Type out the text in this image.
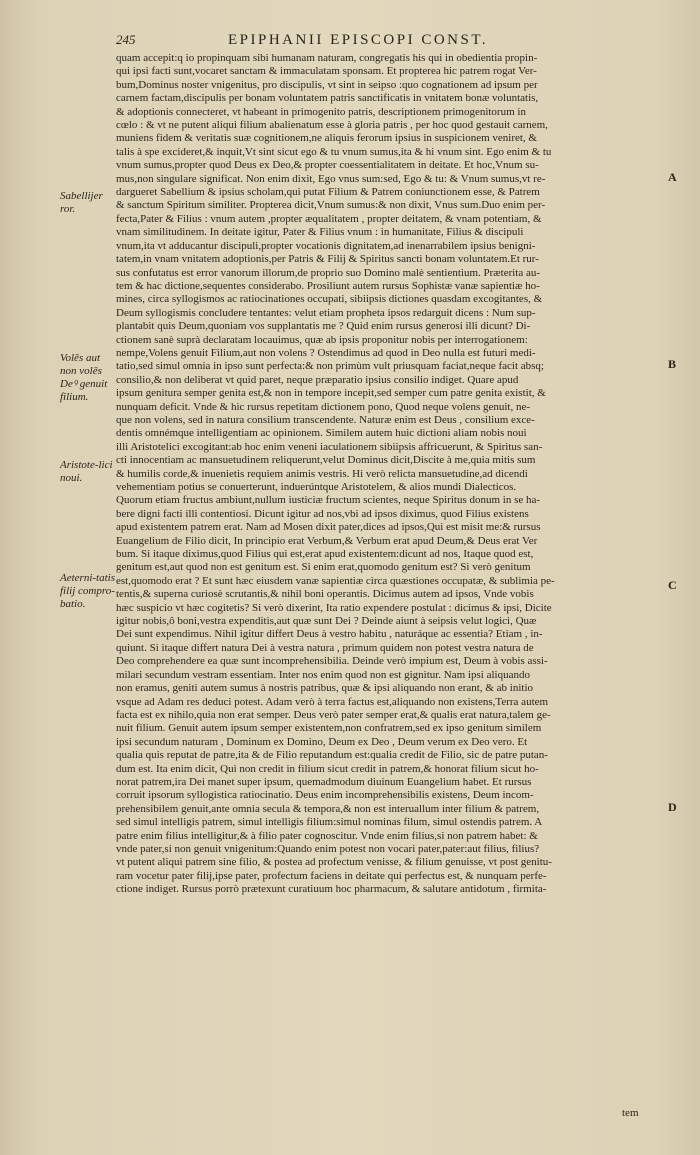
245	EPIPHANII EPISCOPI CONST.
Sabellijer ror.
Volēs aut non volēs Deꝰ genuit filium.
Aristote-lici noui.
Aeterni-tatis filij compro-batio.

quam accepit:q io propinquam sibi humanam naturam, congregatis his qui in obedientia propin-

qui ipsi facti sunt,vocaret sanctam & immaculatam sponsam. Et propterea hic patrem rogat Ver-

bum,Dominus noster vnigenitus, pro discipulis, vt sint in seipso :quo cognationem ad ipsum per

carnem factam,discipulis per bonam voluntatem patris sanctificatis in vnitatem bonæ voluntatis,

& adoptionis connecteret, vt habeant in primogenito patris, descriptionem primogenitorum in

cœlo : & vt ne putent aliqui filium abalienatum esse à gloria patris , per hoc quod gestauit carnem,

muniens fidem & veritatis suæ cognitionem,ne aliquis ferorum ipsius in suspicionem veniret, &

talis à spe excideret,& inquit,Vt sint sicut ego & tu vnum sumus,ita & hi vnum sint. Ego enim & tu

vnum sumus,propter quod Deus ex Deo,& propter coessentialitatem in deitate. Et hoc,Vnum su-

mus,non singulare significat. Non enim dixit, Ego vnus sum:sed, Ego & tu: & Vnum sumus,vt re-

dargueret Sabellium & ipsius scholam,qui putat Filium & Patrem coniunctionem esse, & Patrem

& sanctum Spiritum similiter. Propterea dicit,Vnum sumus:& non dixit, Vnus sum.Duo enim per-

fecta,Pater & Filius : vnum autem ,propter æqualitatem , propter deitatem, & vnam potentiam, &

vnam similitudinem. In deitate igitur, Pater & Filius vnum : in humanitate, Filius & discipuli

vnum,ita vt adducantur discipuli,propter vocationis dignitatem,ad inenarrabilem ipsius benigni-

tatem,in vnam vnitatem adoptionis,per Patris & Filij & Spiritus sancti bonam voluntatem.Et rur-

sus confutatus est error vanorum illorum,de proprio suo Domino malè sentientium. Præterita au-

tem & hac dictione,sequentes considerabo. Prosiliunt autem rursus Sophistæ vanæ sapientiæ ho-

mines, circa syllogismos ac ratiocinationes occupati, sibiipsis dictiones quasdam excogitantes, &

Deum syllogismis concludere tentantes: velut etiam propheta ipsos redarguit dicens : Num sup-

plantabit quis Deum,quoniam vos supplantatis me ? Quid enim rursus generosi illi dicunt? Di-

ctionem sanè suprà declaratam locauimus, quæ ab ipsis proponitur nobis per interrogationem:

nempe,Volens genuit Filium,aut non volens ? Ostendimus ad quod in Deo nulla est futuri medi-

tatio,sed simul omnia in ipso sunt perfecta:& non primùm vult priusquam faciat,neque facit absq;

consilio,& non deliberat vt quid paret, neque præparatio ipsius consilio indiget. Quare apud

ipsum genitura semper genita est,& non in tempore incepit,sed semper cum patre genita existit, &

nunquam deficit. Vnde & hic rursus repetitam dictionem pono, Quod neque volens genuit, ne-

que non volens, sed in natura consilium transcendente. Naturæ enim est Deus , consilium exce-

dentis omnémque intelligentiam ac opinionem. Similem autem huic dictioni aliam nobis noui

illi Aristotelici excogitant:ab hoc enim veneni iaculationem sibiipsis affricuerunt, & Spiritus san-

cti innocentiam ac mansuetudinem reliquerunt,velut Dominus dicit,Discite à me,quia mitis sum

& humilis corde,& inuenietis requiem animis vestris. Hi verò relicta mansuetudine,ad dicendi

vehementiam potius se conuerterunt, induerúntque Aristotelem, & alios mundi Dialecticos.

Quorum etiam fructus ambiunt,nullum iusticiæ fructum scientes, neque Spiritus donum in se ha-

bere digni facti illi contentiosi. Dicunt igitur ad nos,vbi ad ipsos diximus, quod Filius existens

apud existentem patrem erat. Nam ad Mosen dixit pater,dices ad ipsos,Qui est misit me:& rursus

Euangelium de Filio dicit, In principio erat Verbum,& Verbum erat apud Deum,& Deus erat Ver

bum. Si itaque diximus,quod Filius qui est,erat apud existentem:dicunt ad nos, Itaque quod est,

genitum est,aut quod non est genitum est. Si enim erat,quomodo genitum est? Si verò genitum

est,quomodo erat ? Et sunt hæc eiusdem vanæ sapientiæ circa quæstiones occupatæ, & sublimia pe-

tentis,& superna curiosè scrutantis,& nihil boni operantis. Dicimus autem ad ipsos, Vnde vobis

hæc suspicio vt hæc cogitetis? Si verò dixerint, Ita ratio expendere postulat : dicimus & ipsi, Dicite

igitur nobis,ô boni,vestra expenditis,aut quæ sunt Dei ? Deinde aiunt à seipsis velut logici, Quæ

Dei sunt expendimus. Nihil igitur differt Deus à vestro habitu , naturáque ac essentia? Etiam , in-

quiunt. Si itaque differt natura Dei à vestra natura , primum quidem non potest vestra natura de

Deo comprehendere ea quæ sunt incomprehensibilia. Deinde verò impium est, Deum à vobis assi-

milari secundum vestram essentiam. Inter nos enim quod non est gignitur. Nam ipsi aliquando

non eramus, geniti autem sumus à nostris patribus, quæ & ipsi aliquando non erant, & ab initio

vsque ad Adam res deduci potest. Adam verò à terra factus est,aliquando non existens,Terra autem

facta est ex nihilo,quia non erat semper. Deus verò pater semper erat,& qualis erat natura,talem ge-

nuit filium. Genuit autem ipsum semper existentem,non confratrem,sed ex ipso genitum similem

ipsi secundum naturam , Dominum ex Domino, Deum ex Deo , Deum verum ex Deo vero. Et

qualia quis reputat de patre,ita & de Filio reputandum est:qualia credit de Filio, sic de patre putan-

dum est. Ita enim dicit, Qui non credit in filium sicut credit in patrem,& honorat filium sicut ho-

norat patrem,ira Dei manet super ipsum, quemadmodum diuinum Euangelium habet. Et rursus

corruit ipsorum syllogistica ratiocinatio. Deus enim incomprehensibilis existens, Deum incom-

prehensibilem genuit,ante omnia secula & tempora,& non est interuallum inter filium & patrem,

sed simul intelligis patrem, simul intelligis filium:simul nominas filum, simul ostendis patrem. A

patre enim filius intelligitur,& à filio pater cognoscitur. Vnde enim filius,si non patrem habet: &

vnde pater,si non genuit vnigenitum:Quando enim potest non vocari pater,pater:aut filius, filius?

vt putent aliqui patrem sine filio, & postea ad profectum venisse, & filium genuisse, vt post genitu-

ram vocetur pater filij,ipse pater, profectum faciens in deitate qui perfectus est, & nunquam perfe-

ctione indiget. Rursus porrò prætexunt curatiuum hoc pharmacum, & salutare antidotum , firmita-

A
B
C
D
tem
